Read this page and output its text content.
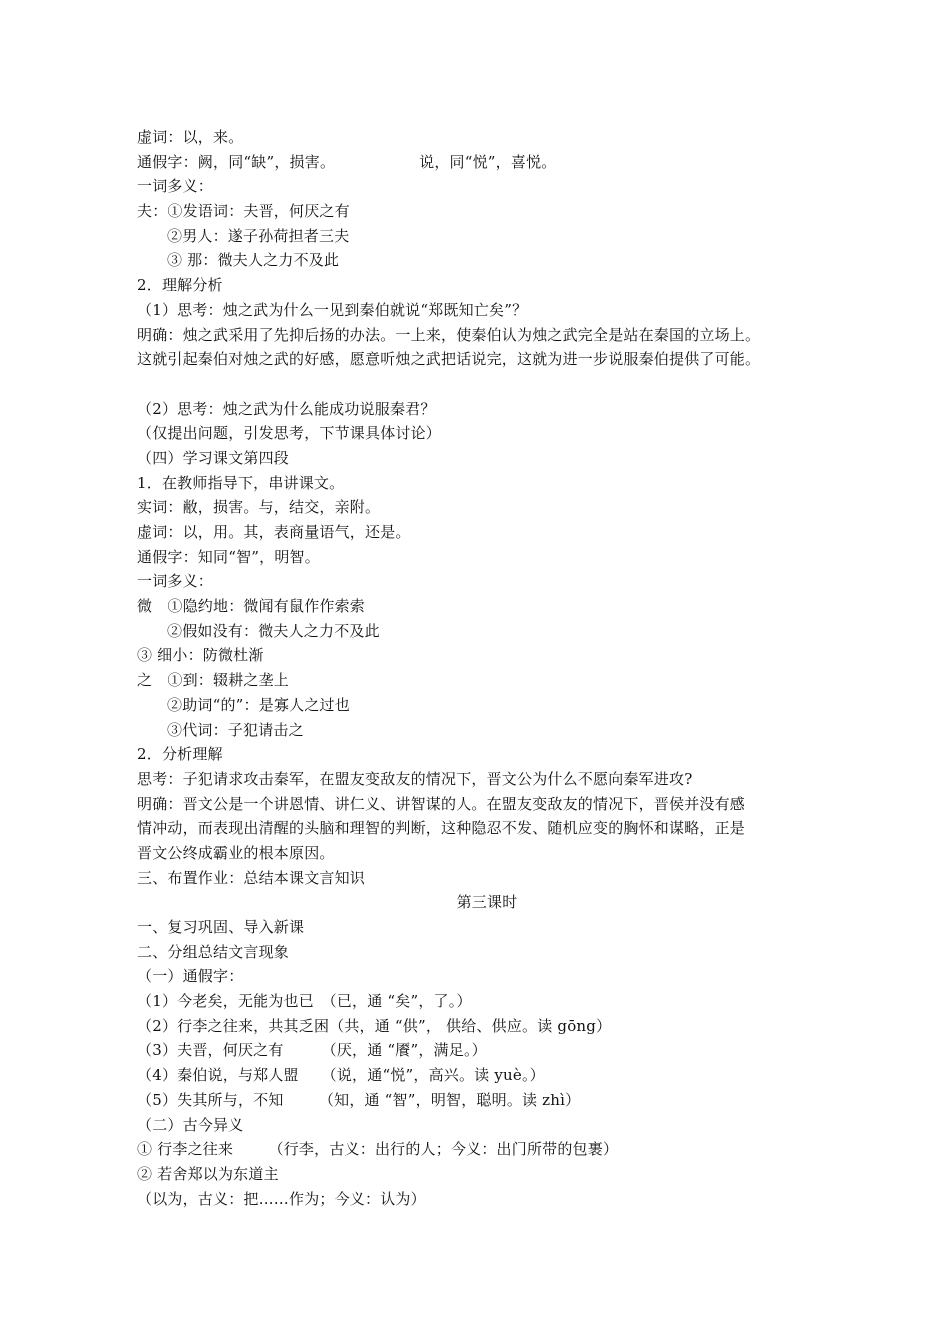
虚词：以，来。
通假字：阙，同“缺”，损害。	说，同“悦”，喜悦。
一词多义：
夫：①发语词：夫晋，何厌之有
②男人：遂子孙荷担者三夫
③ 那：微夫人之力不及此
2．理解分析
（1）思考：烛之武为什么一见到秦伯就说“郑既知亡矣”？
明确：烛之武采用了先抑后扬的办法。一上来，使秦伯认为烛之武完全是站在秦国的立场上。
这就引起秦伯对烛之武的好感，愿意听烛之武把话说完，这就为进一步说服秦伯提供了可能。
（2）思考：烛之武为什么能成功说服秦君？
（仅提出问题，引发思考，下节课具体讨论）
（四）学习课文第四段
1．在教师指导下，串讲课文。
实词：敝，损害。与，结交，亲附。
虚词：以，用。其，表商量语气，还是。
通假字：知同“智”，明智。
一词多义：
微　①隐约地：微闻有鼠作作索索
②假如没有：微夫人之力不及此
③ 细小：防微杜渐
之　①到：辍耕之垄上
②助词“的”：是寡人之过也
③代词：子犯请击之
2．分析理解
思考：子犯请求攻击秦军，在盟友变敌友的情况下，晋文公为什么不愿向秦军进攻?
明确：晋文公是一个讲恩情、讲仁义、讲智谋的人。在盟友变敌友的情况下，晋侯并没有感
情冲动，而表现出清醒的头脑和理智的判断，这种隐忍不发、随机应变的胸怀和谋略，正是
晋文公终成霸业的根本原因。
三、布置作业：总结本课文言知识
第三课时
一、复习巩固、导入新课
二、分组总结文言现象
（一）通假字：
（1）今老矣，无能为也已　（已，通 “矣”，了。）
（2）行李之往来，共其乏困（共，通 “供”， 供给、供应。读 gōng）
（3）夫晋，何厌之有　　　（厌，通 “餍”，满足。）
（4）秦伯说，与郑人盟　　（说，通“悦”，高兴。读 yuè。）
（5）失其所与，不知　　 （知，通 “智”，明智，聪明。读 zhì）
（二）古今异义
① 行李之往来　　 （行李，古义：出行的人；今义：出门所带的包裹）
② 若舍郑以为东道主
（以为，古义：把……作为；今义：认为）
